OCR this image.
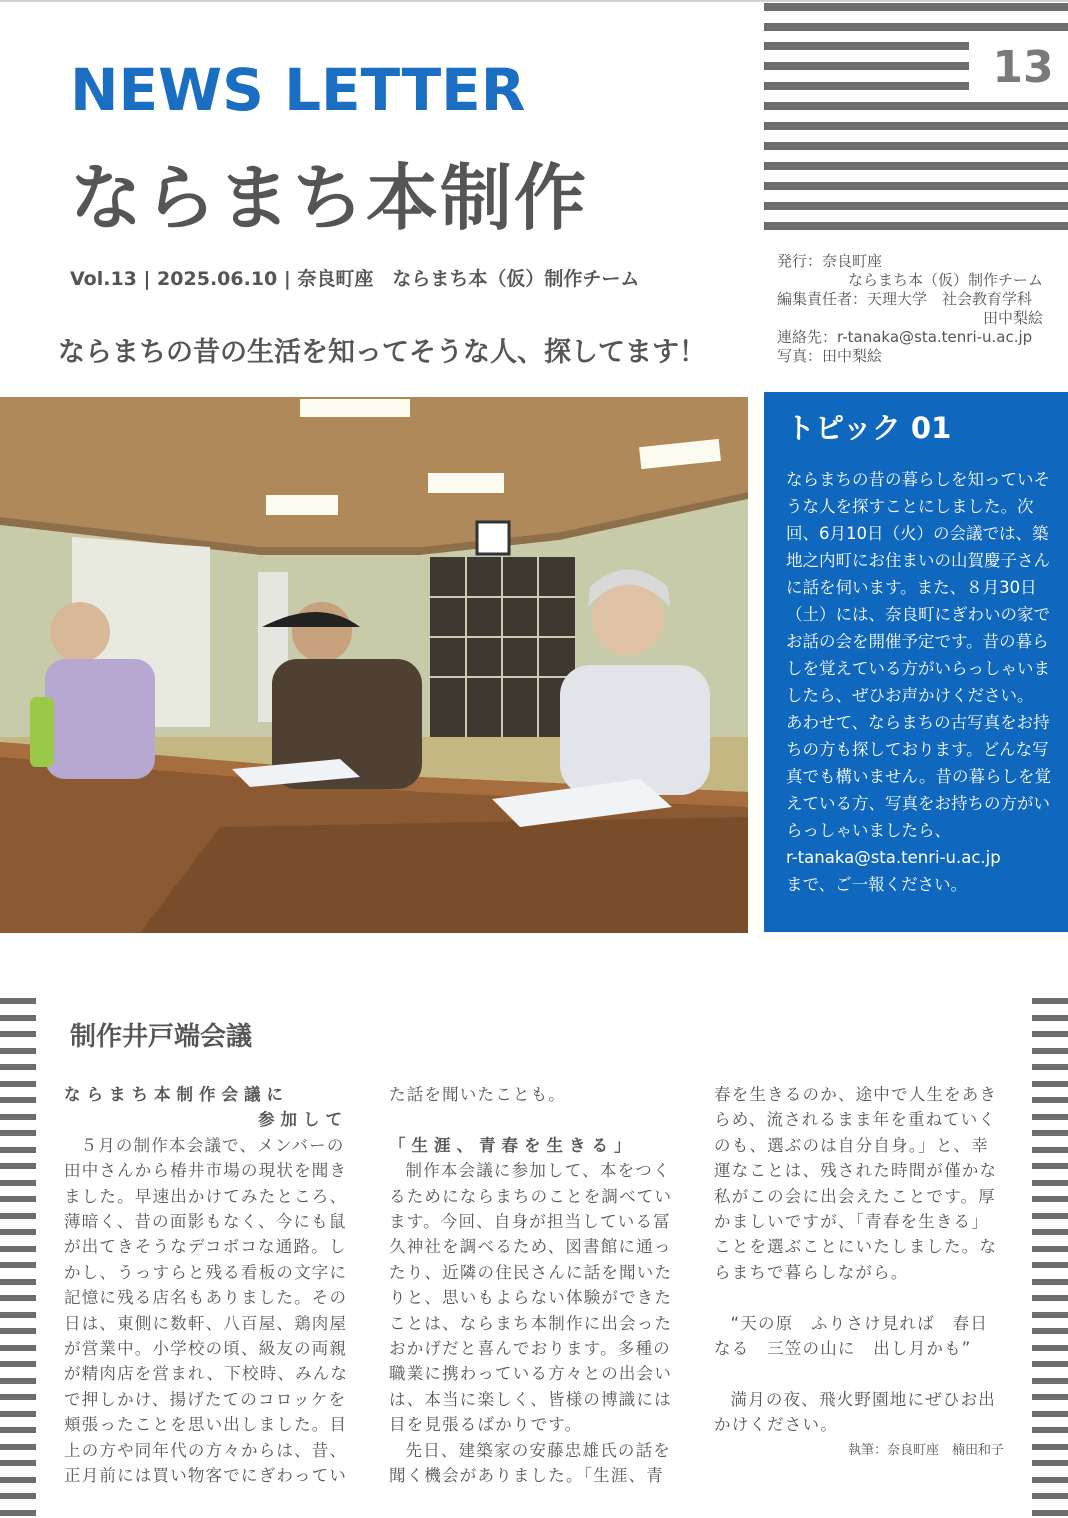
13
NEWS LETTER
ならまち本制作
Vol.13 | 2025.06.10 | 奈良町座　ならまち本（仮）制作チーム
ならまちの昔の生活を知ってそうな人、探してます！
発行：奈良町座
ならまち本（仮）制作チーム
編集責任者：天理大学　社会教育学科
田中梨絵
連絡先：r-tanaka@sta.tenri-u.ac.jp
写真：田中梨絵
トピック 01
ならまちの昔の暮らしを知っていそうな人を探すことにしました。次回、6月10日（火）の会議では、築地之内町にお住まいの山賀慶子さんに話を伺います。また、８月30日（土）には、奈良町にぎわいの家でお話の会を開催予定です。昔の暮らしを覚えている方がいらっしゃいましたら、ぜひお声かけください。
あわせて、ならまちの古写真をお持ちの方も探しております。どんな写真でも構いません。昔の暮らしを覚えている方、写真をお持ちの方がいらっしゃいましたら、
r-tanaka@sta.tenri-u.ac.jp
まで、ご一報ください。
制作井戸端会議

ならまち本制作会議に

参加して

５月の制作本会議で、メンバーの田中さんから椿井市場の現状を聞きました。早速出かけてみたところ、薄暗く、昔の面影もなく、今にも鼠が出てきそうなデコボコな通路。しかし、うっすらと残る看板の文字に記憶に残る店名もありました。その日は、東側に数軒、八百屋、鶏肉屋が営業中。小学校の頃、級友の両親が精肉店を営まれ、下校時、みんなで押しかけ、揚げたてのコロッケを頬張ったことを思い出しました。目上の方や同年代の方々からは、昔、正月前には買い物客でにぎわってい

た話を聞いたことも。

「生涯、青春を生きる」

制作本会議に参加して、本をつくるためにならまちのことを調べています。今回、自身が担当している冨久神社を調べるため、図書館に通ったり、近隣の住民さんに話を聞いたりと、思いもよらない体験ができたことは、ならまち本制作に出会ったおかげだと喜んでおります。多種の職業に携わっている方々との出会いは、本当に楽しく、皆様の博識には目を見張るばかりです。

先日、建築家の安藤忠雄氏の話を聞く機会がありました。「生涯、青

春を生きるのか、途中で人生をあきらめ、流されるまま年を重ねていくのも、選ぶのは自分自身。」と、幸運なことは、残された時間が僅かな私がこの会に出会えたことです。厚かましいですが、「青春を生きる」ことを選ぶことにいたしました。ならまちで暮らしながら。

“天の原　ふりさけ見れば　春日なる　三笠の山に　出し月かも”

満月の夜、飛火野園地にぜひお出かけください。

執筆：奈良町座　楠田和子
